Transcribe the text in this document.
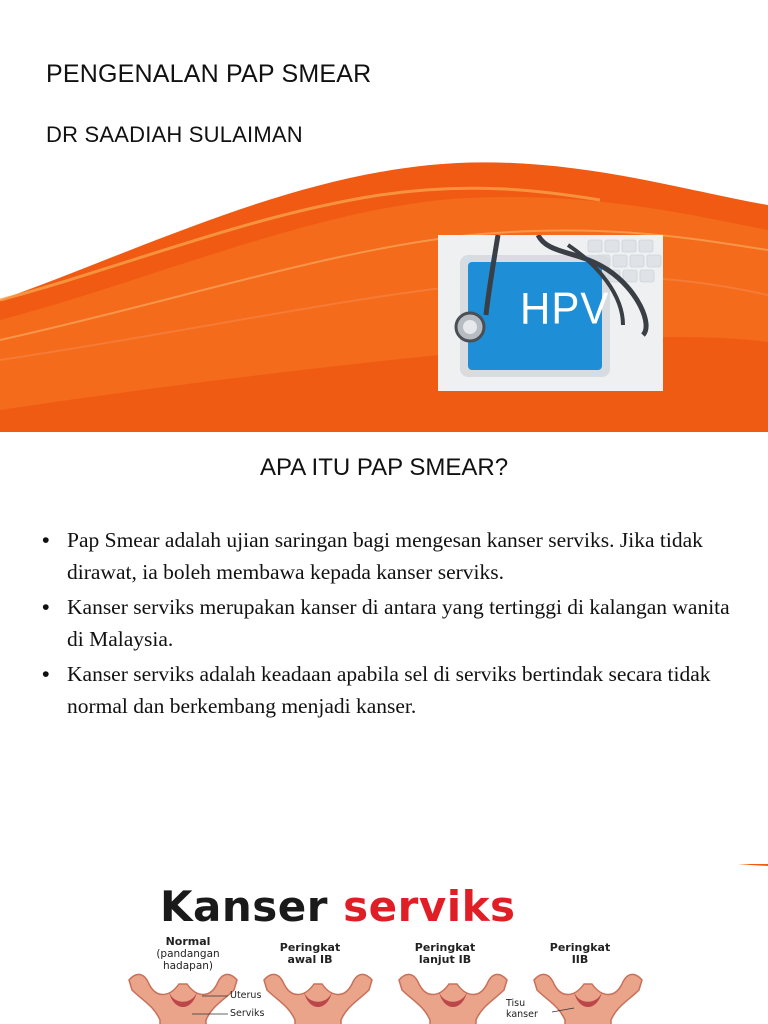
PENGENALAN PAP SMEAR
DR SAADIAH SULAIMAN
HPV
APA ITU PAP SMEAR?
• Pap Smear adalah ujian saringan bagi mengesan kanser serviks. Jika tidak dirawat, ia boleh membawa kepada kanser serviks.
• Kanser serviks merupakan kanser di antara yang tertinggi di kalangan wanita di Malaysia.
• Kanser serviks adalah keadaan apabila sel di serviks bertindak secara tidak normal dan berkembang menjadi kanser.
Kanser serviks
Normal
(pandangan hadapan)
Peringkat awal IB
Peringkat lanjut IB
Peringkat IIB
Uterus
Serviks
Tisu kanser
